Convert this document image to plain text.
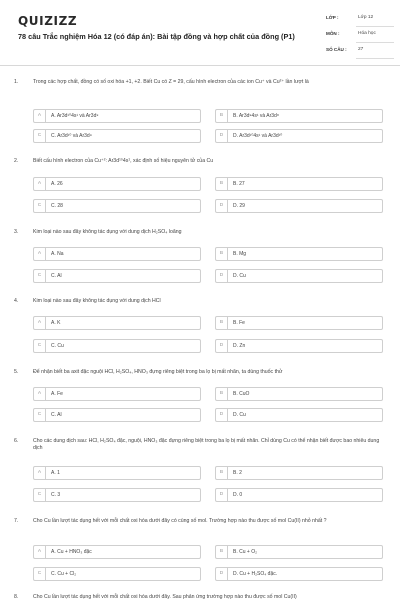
QUIZIZZ
78 câu Trắc nghiệm Hóa 12 (có đáp án): Bài tập đồng và hợp chất của đồng (P1)
LỚP :	Lớp 12
MÔN :	Hóa học
SỐ CÂU : 27
1.	Trong các hợp chất, đồng có số oxi hóa +1, +2. Biết Cu có Z = 29, cấu hình electron của các ion Cu⁺ và Cu²⁺ lần lượt là
A	A. Ar3d¹⁰4s¹ và Ar3d⁹	B	B. Ar3d⁹4s¹ và Ar3d⁸
C	C. Ar3d¹⁰ và Ar3d⁹	D	D. Ar3d¹⁰4s¹ và Ar3d¹⁰
2.	Biết cấu hình electron của Cu⁺²: Ar3d¹⁰4s¹, xác định số hiệu nguyên tử của Cu
A	A. 26	B	B. 27
C	C. 28	D	D. 29
3.	Kim loại nào sau đây không tác dụng với dung dịch H₂SO₄ loãng
A	A. Na	B	B. Mg
C	C. Al	D	D. Cu
4.	Kim loại nào sau đây không tác dụng với dung dịch HCl
A	A. K	B	B. Fe
C	C. Cu	D	D. Zn
5.	Để nhận biết ba axit đặc nguội HCl, H₂SO₄, HNO₃ đựng riêng biệt trong ba lọ bị mất nhãn, ta dùng thuốc thử
A	A. Fe	B	B. CuO
C	C. Al	D	D. Cu
6.	Cho các dung dịch sau: HCl, H₂SO₄ đặc, nguội, HNO₃ đặc đựng riêng biệt trong ba lọ bị mất nhãn. Chỉ dùng Cu có thể nhận biết được bao nhiêu dung dịch
A	A. 1	B	B. 2
C	C. 3	D	D. 0
7.	Cho Cu lần lượt tác dụng hết với mỗi chất oxi hóa dưới đây có cùng số mol. Trường hợp nào thu được số mol Cu(II) nhỏ nhất ?
A	A. Cu + HNO₃ đặc	B	B. Cu + O₂
C	C. Cu + Cl₂	D	D. Cu + H₂SO₄ đặc.
8.	Cho Cu lần lượt tác dụng hết với mỗi chất oxi hóa dưới đây. Sau phản ứng trường hợp nào thu được số mol Cu(II)
